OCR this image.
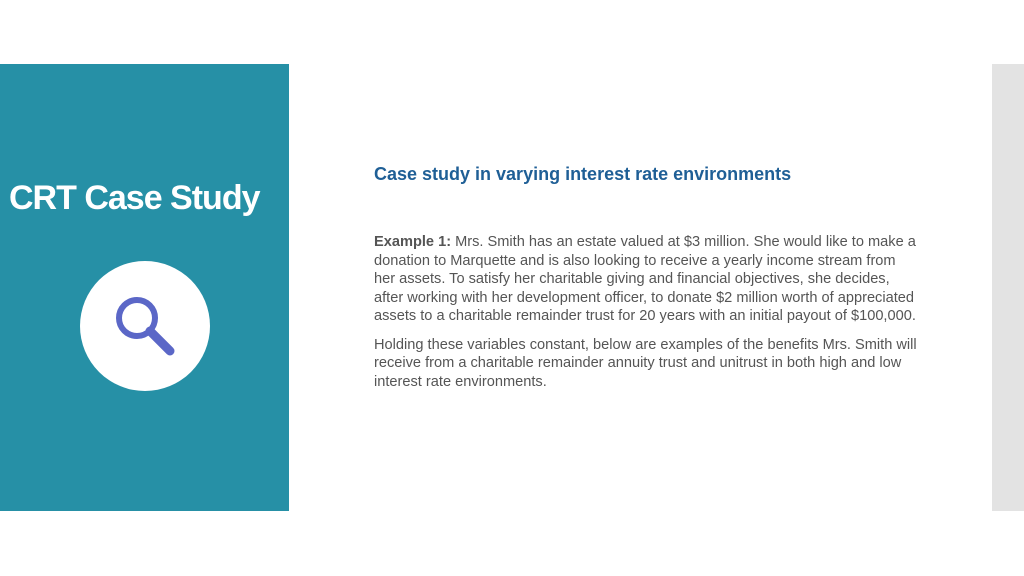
CRT Case Study
Case study in varying interest rate environments

Example 1: Mrs. Smith has an estate valued at $3 million. She would like to make a donation to Marquette and is also looking to receive a yearly income stream from her assets. To satisfy her charitable giving and financial objectives, she decides, after working with her development officer, to donate $2 million worth of appreciated assets to a charitable remainder trust for 20 years with an initial payout of $100,000.

Holding these variables constant, below are examples of the benefits Mrs. Smith will receive from a charitable remainder annuity trust and unitrust in both high and low interest rate environments.
